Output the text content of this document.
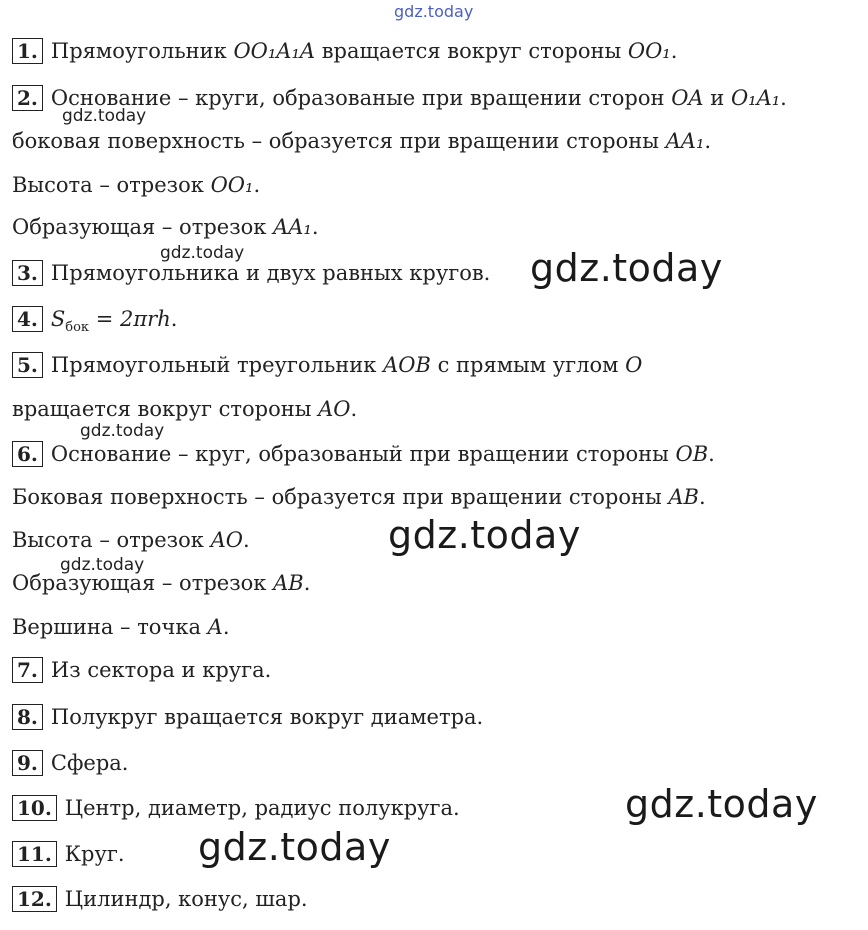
gdz.today
1. Прямоугольник OO₁A₁A вращается вокруг стороны OO₁.
2. Основание – круги, образованые при вращении сторон OA и O₁A₁.
боковая поверхность – образуется при вращении стороны AA₁.
Высота – отрезок OO₁.
Образующая – отрезок AA₁.
3. Прямоугольника и двух равных кругов.
4. $S_{бок} = 2\pi rh$.
5. Прямоугольный треугольник AOB с прямым углом O
вращается вокруг стороны AO.
6. Основание – круг, образованый при вращении стороны OB.
Боковая поверхность – образуется при вращении стороны AB.
Высота – отрезок AO.
Образующая – отрезок AB.
Вершина – точка A.
7. Из сектора и круга.
8. Полукруг вращается вокруг диаметра.
9. Сфера.
10. Центр, диаметр, радиус полукруга.
11. Круг.
12. Цилиндр, конус, шар.
gdz.today
gdz.today
gdz.today
gdz.today
gdz.today
gdz.today
gdz.today
gdz.today
